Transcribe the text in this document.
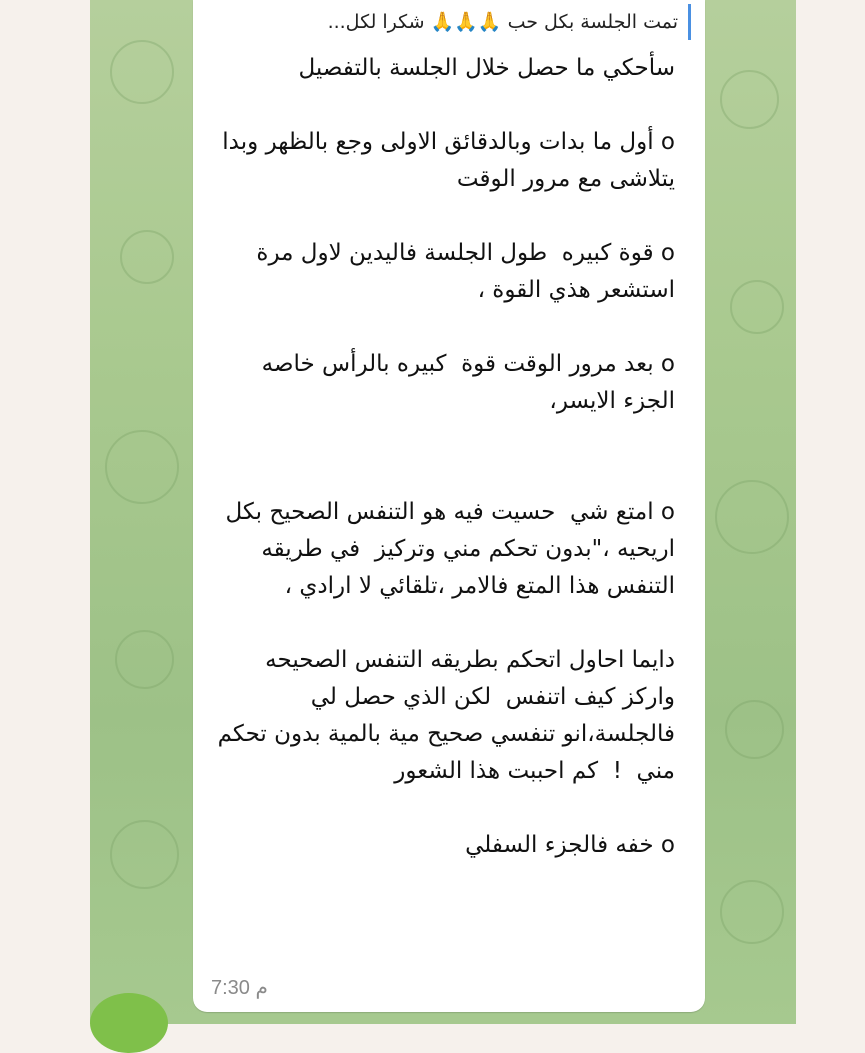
تمت الجلسة بكل حب 🙏🙏🙏 شكرا لكل...
سأحكي ما حصل خلال الجلسة بالتفصيل

o أول ما بدات وبالدقائق الاولى وجع بالظهر وبدا يتلاشى مع مرور الوقت

o قوة كبيره  طول الجلسة فاليدين لاول مرة استشعر هذي القوة ،

o بعد مرور الوقت قوة  كبيره بالرأس خاصه الجزء الايسر،

o امتع شي  حسيت فيه هو التنفس الصحيح بكل اريحيه ،"بدون تحكم مني وتركيز  في طريقه التنفس هذا المتع فالامر ،تلقائي لا ارادي ،

دايما احاول اتحكم بطريقه التنفس الصحيحه واركز كيف اتنفس  لكن الذي حصل لي فالجلسة،انو تنفسي صحيح مية بالمية بدون تحكم مني  !  كم احببت هذا الشعور

o خفه فالجزء السفلي
7:30 م
